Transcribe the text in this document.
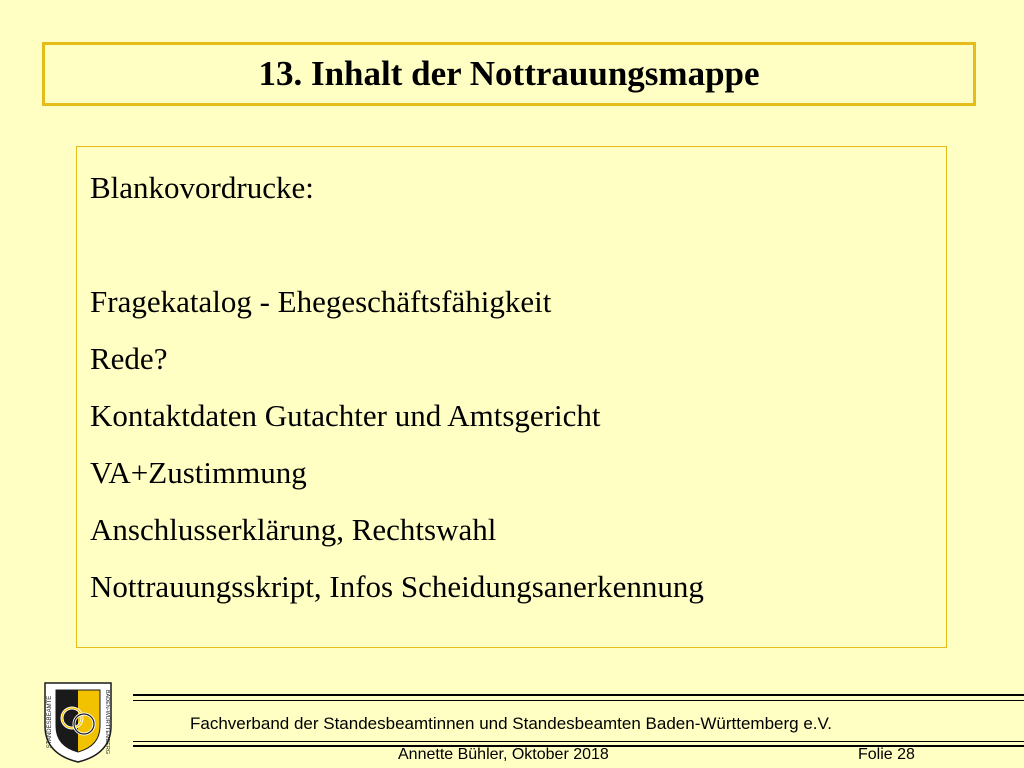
13. Inhalt der Nottrauungsmappe
Blankovordrucke:
Fragekatalog - Ehegeschäftsfähigkeit
Rede?
Kontaktdaten Gutachter und Amtsgericht
VA+Zustimmung
Anschlusserklärung, Rechtswahl
Nottrauungsskript, Infos Scheidungsanerkennung
STANDESBEAMTE	BADEN-WÜRTTEMBERG	Fachverband der Standesbeamtinnen und Standesbeamten Baden-Württemberg e.V.
Annette Bühler, Oktober 2018	Folie 28
